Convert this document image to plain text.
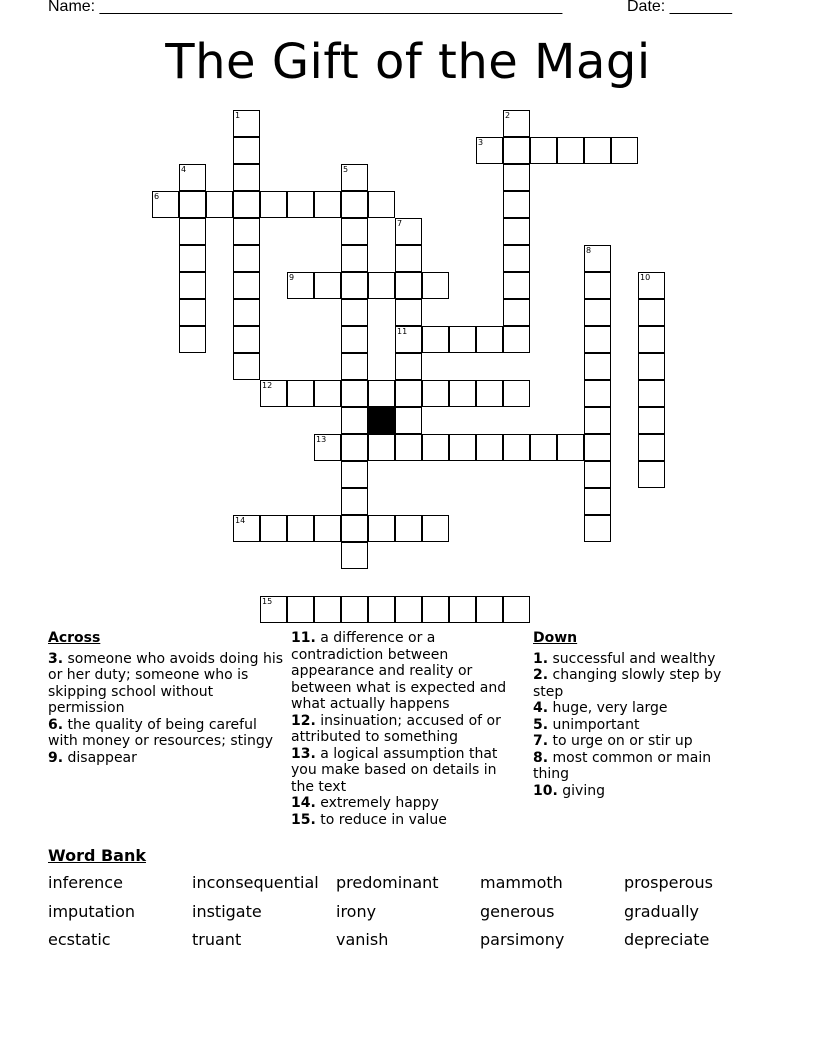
Name: ____________________________________________________	Date: _______
The Gift of the Magi
1	2
3
4	5
6
7
11
8
9	10
12
13
14
15
Across
3. someone who avoids doing his or her duty; someone who is skipping school without permission
6. the quality of being careful with money or resources; stingy
9. disappear
11. a difference or a contradiction between appearance and reality or between what is expected and what actually happens
12. insinuation; accused of or attributed to something
13. a logical assumption that you make based on details in the text
14. extremely happy
15. to reduce in value
Down
1. successful and wealthy
2. changing slowly step by step
4. huge, very large
5. unimportant
7. to urge on or stir up
8. most common or main thing
10. giving
Word Bank
inference	inconsequential predominant	mammoth	prosperous
imputation	instigate	irony	generous	gradually
ecstatic	truant	vanish	parsimony	depreciate
